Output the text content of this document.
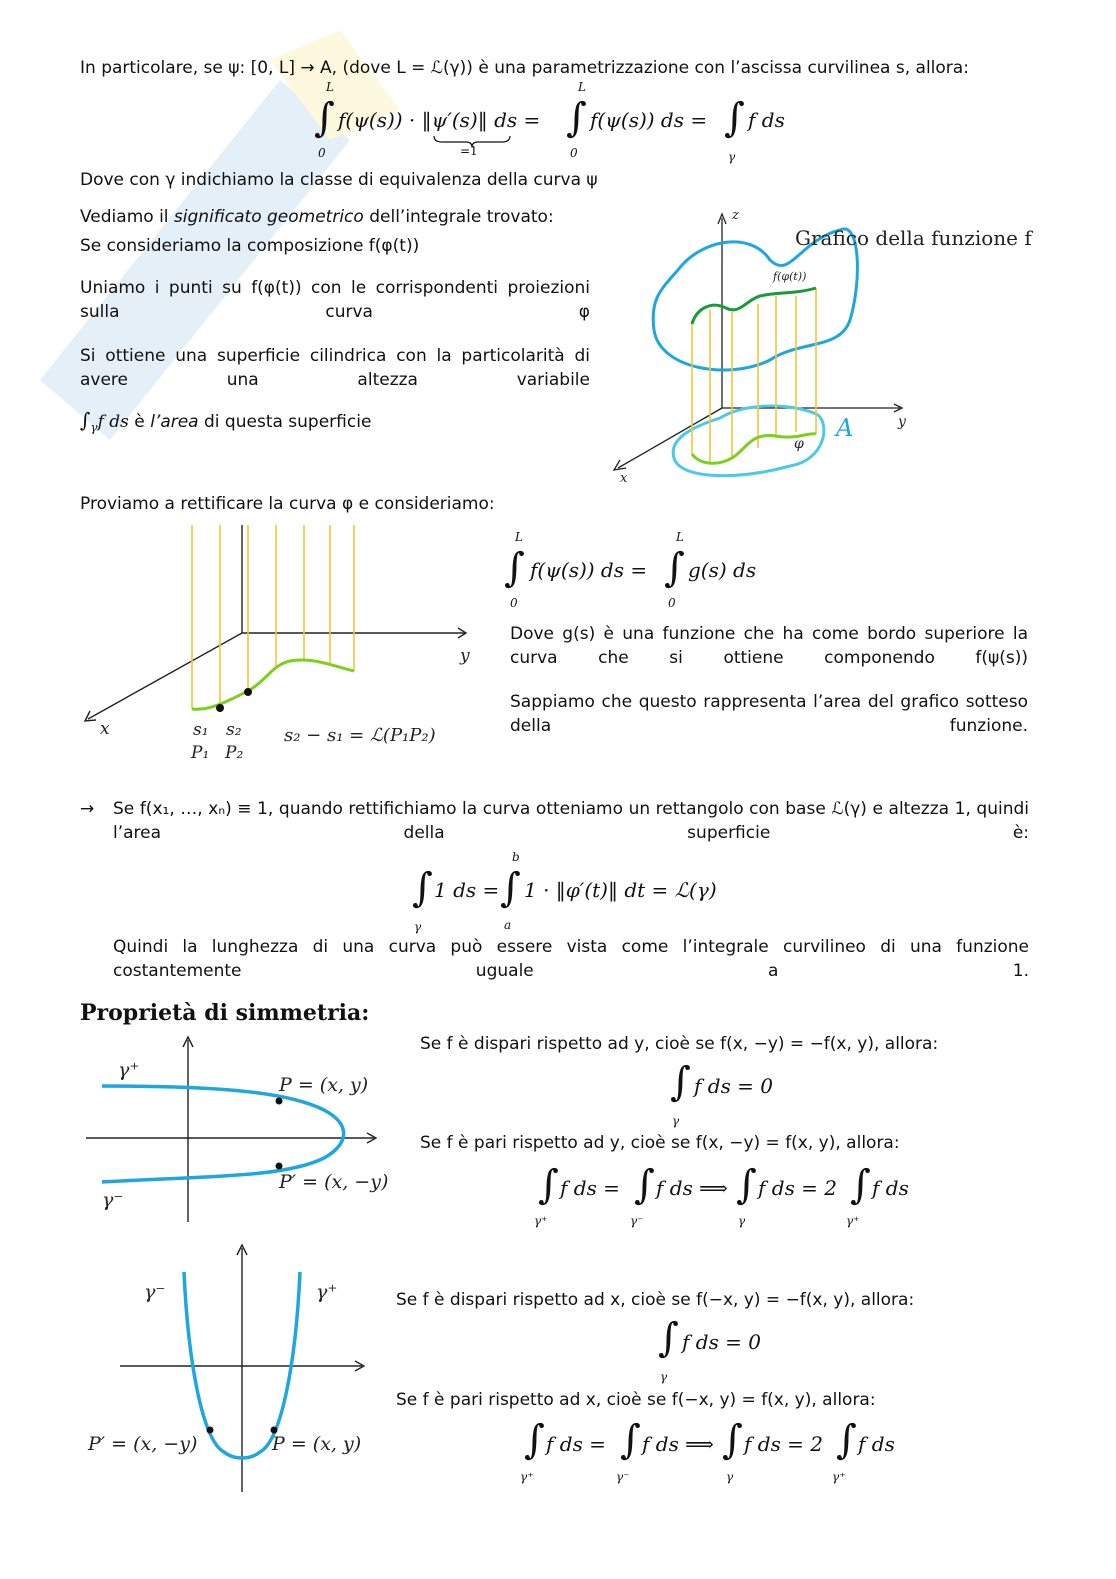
In particolare, se ψ: [0, L] → A, (dove L = ℒ(γ)) è una parametrizzazione con l’ascissa curvilinea s, allora:
L
∫
0
f(ψ(s)) · ‖ψ′(s)‖ ds =
=1
L
∫
0
f(ψ(s)) ds = ∫
γ
f ds
Dove con γ indichiamo la classe di equivalenza della curva ψ
Vediamo il significato geometrico dell’integrale trovato:
Se consideriamo la composizione f(φ(t))
Uniamo i punti su f(φ(t)) con le corrispondenti proiezioni sulla curva φ
Si ottiene una superficie cilindrica con la particolarità di avere una altezza variabile
$\int_\gamma f$ ds è l’area di questa superficie
Grafico della funzione f
f(φ(t))
z
y
x
A
φ
Proviamo a rettificare la curva φ e consideriamo:
x
y
s₁ s₂
P₁ P₂
s₂ − s₁ = ℒ(P₁P₂)
L
∫
0
f(ψ(s)) ds =
L
∫
0
g(s) ds
Dove g(s) è una funzione che ha come bordo superiore la curva che si ottiene componendo f(ψ(s))
Sappiamo che questo rappresenta l’area del grafico sotteso della funzione.
→ Se f(x₁, …, xₙ) ≡ 1, quando rettifichiamo la curva otteniamo un rettangolo con base ℒ(γ) e altezza 1, quindi l’area della superficie è:
∫
γ
1 ds =
b
∫
a
1 · ‖φ′(t)‖ dt = ℒ(γ)
Quindi la lunghezza di una curva può essere vista come l’integrale curvilineo di una funzione costantemente uguale a 1.
Proprietà di simmetria:
γ⁺
γ⁻
P = (x, y)
P′ = (x, −y)
Se f è dispari rispetto ad y, cioè se f(x, −y) = −f(x, y), allora:
∫
γ
f ds = 0
Se f è pari rispetto ad y, cioè se f(x, −y) = f(x, y), allora:
∫
γ⁺
f ds = ∫
γ⁻
f ds ⟹ ∫
γ
f ds = 2 ∫
γ⁺
f ds
γ⁻	γ⁺
P′ = (x, −y)	P = (x, y)
Se f è dispari rispetto ad x, cioè se f(−x, y) = −f(x, y), allora:
∫
γ
f ds = 0
Se f è pari rispetto ad x, cioè se f(−x, y) = f(x, y), allora:
∫
γ⁺
f ds = ∫
γ⁻
f ds ⟹ ∫
γ
f ds = 2 ∫
γ⁺
f ds
